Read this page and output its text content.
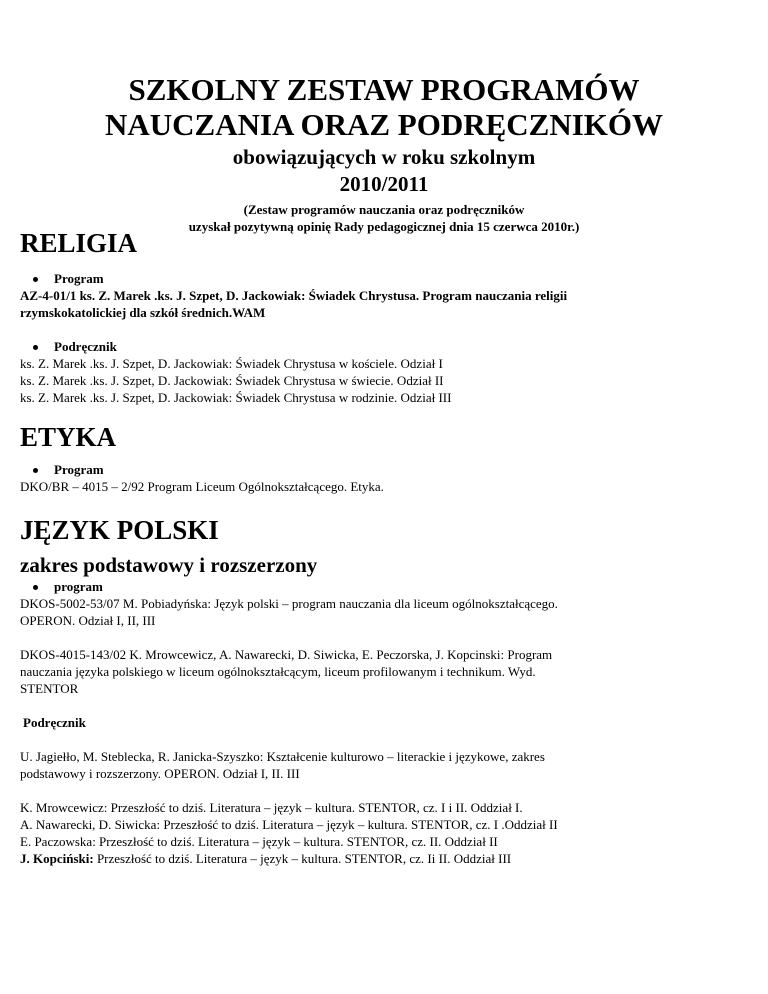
SZKOLNY ZESTAW PROGRAMÓW
NAUCZANIA ORAZ PODRĘCZNIKÓW
obowiązujących w roku szkolnym
2010/2011
(Zestaw programów nauczania oraz podręczników
uzyskał pozytywną opinię Rady pedagogicznej dnia 15 czerwca 2010r.)
RELIGIA
Program
AZ-4-01/1 ks. Z. Marek .ks. J. Szpet, D. Jackowiak: Świadek Chrystusa. Program nauczania religii
rzymskokatolickiej dla szkół średnich.WAM
Podręcznik
ks. Z. Marek .ks. J. Szpet, D. Jackowiak: Świadek Chrystusa w kościele. Odział I
ks. Z. Marek .ks. J. Szpet, D. Jackowiak: Świadek Chrystusa w świecie. Odział II
ks. Z. Marek .ks. J. Szpet, D. Jackowiak: Świadek Chrystusa w rodzinie. Odział III
ETYKA
Program
DKO/BR – 4015 – 2/92 Program Liceum Ogólnokształcącego. Etyka.
JĘZYK POLSKI
zakres podstawowy i rozszerzony
program
DKOS-5002-53/07 M. Pobiadyńska: Język polski – program nauczania dla liceum ogólnokształcącego.
OPERON. Odział I, II, III
DKOS-4015-143/02 K. Mrowcewicz, A. Nawarecki, D. Siwicka, E. Peczorska, J. Kopcinski: Program
nauczania języka polskiego w liceum ogólnokształcącym, liceum profilowanym i technikum. Wyd.
STENTOR
Podręcznik
U. Jagiełło, M. Steblecka, R. Janicka-Szyszko: Kształcenie kulturowo – literackie i językowe, zakres
podstawowy i rozszerzony. OPERON. Odział I, II. III
K. Mrowcewicz: Przeszłość to dziś. Literatura – język – kultura. STENTOR, cz. I i II. Oddział I.
A. Nawarecki, D. Siwicka: Przeszłość to dziś. Literatura – język – kultura. STENTOR, cz. I .Oddział II
E. Paczowska: Przeszłość to dziś. Literatura – język – kultura. STENTOR, cz. II. Oddział II
J. Kopciński: Przeszłość to dziś. Literatura – język – kultura. STENTOR, cz. Ii II. Oddział III
